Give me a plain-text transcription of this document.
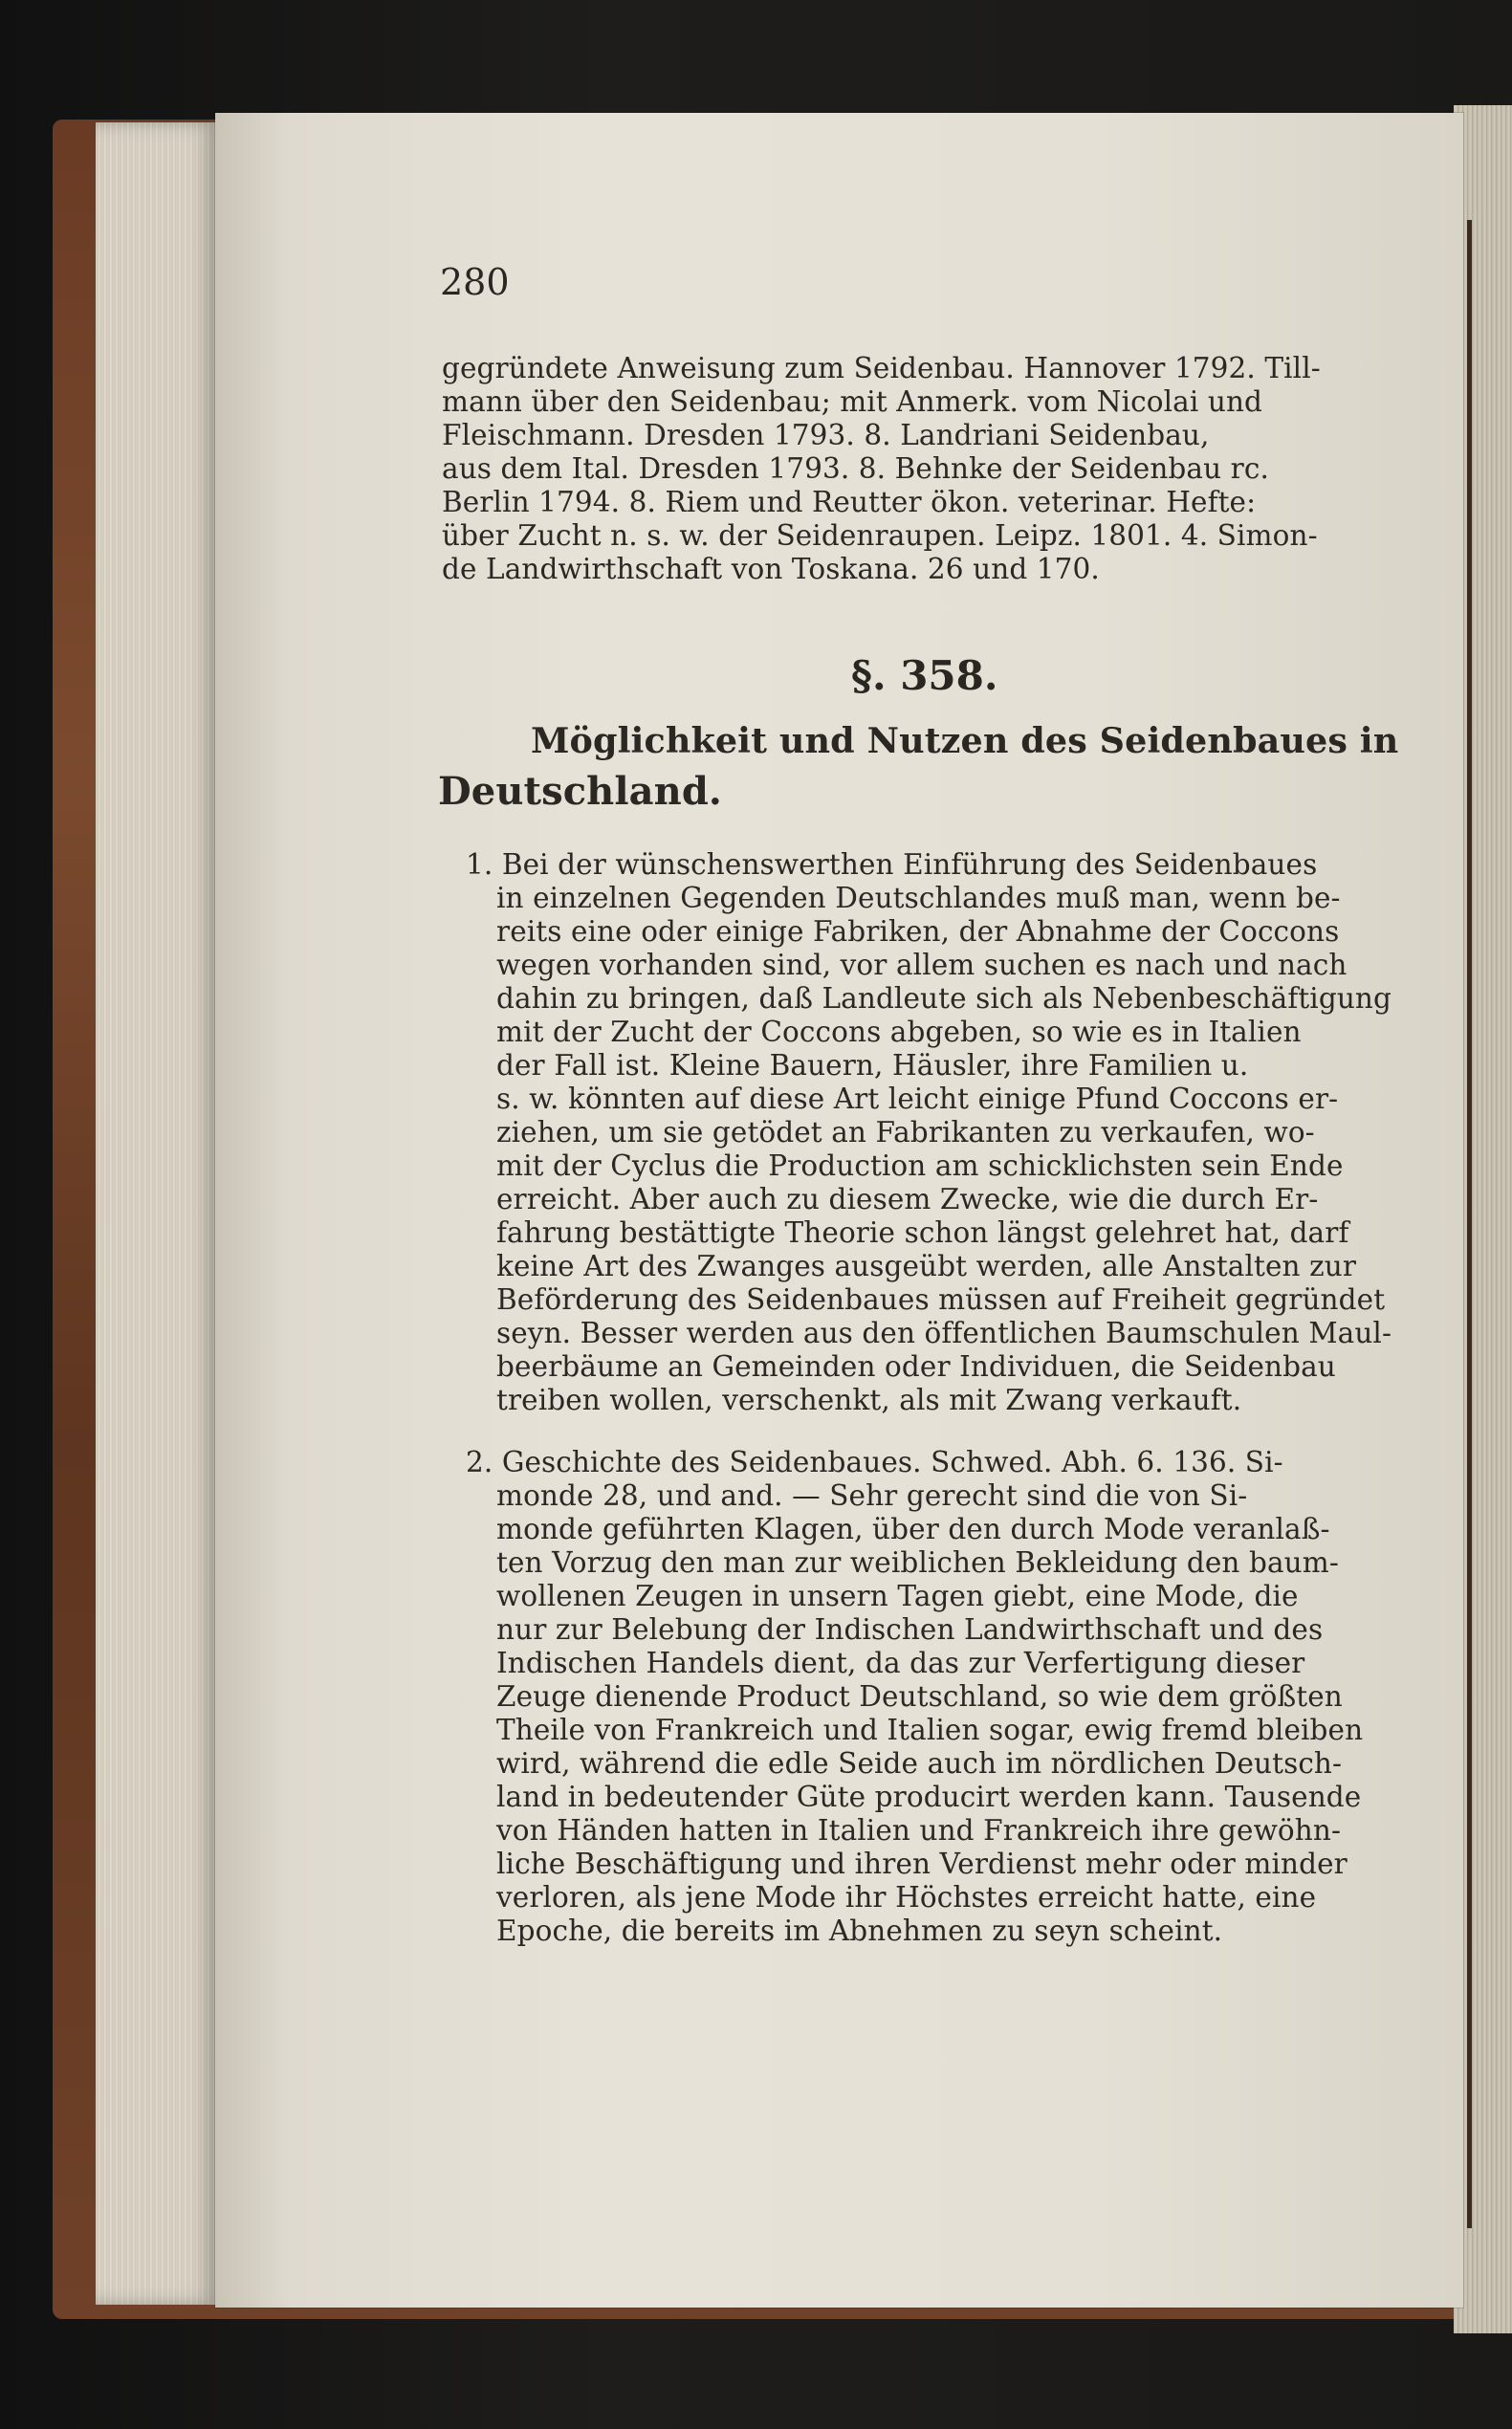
280

gegründete Anweisung zum Seidenbau. Hannover 1792. Till-

mann über den Seidenbau; mit Anmerk. vom Nicolai und

Fleischmann. Dresden 1793. 8. Landriani Seidenbau,

aus dem Ital. Dresden 1793. 8. Behnke der Seidenbau rc.

Berlin 1794. 8. Riem und Reutter ökon. veterinar. Hefte:

über Zucht n. s. w. der Seidenraupen. Leipz. 1801. 4. Simon-

de Landwirthschaft von Toskana. 26 und 170.

§. 358.

Möglichkeit und Nutzen des Seidenbaues in

Deutschland.

1. Bei der wünschenswerthen Einführung des Seidenbaues

in einzelnen Gegenden Deutschlandes muß man, wenn be-

reits eine oder einige Fabriken, der Abnahme der Coccons

wegen vorhanden sind, vor allem suchen es nach und nach

dahin zu bringen, daß Landleute sich als Nebenbeschäftigung

mit der Zucht der Coccons abgeben, so wie es in Italien

der Fall ist. Kleine Bauern, Häusler, ihre Familien u.

s. w. könnten auf diese Art leicht einige Pfund Coccons er-

ziehen, um sie getödet an Fabrikanten zu verkaufen, wo-

mit der Cyclus die Production am schicklichsten sein Ende

erreicht. Aber auch zu diesem Zwecke, wie die durch Er-

fahrung bestättigte Theorie schon längst gelehret hat, darf

keine Art des Zwanges ausgeübt werden, alle Anstalten zur

Beförderung des Seidenbaues müssen auf Freiheit gegründet

seyn. Besser werden aus den öffentlichen Baumschulen Maul-

beerbäume an Gemeinden oder Individuen, die Seidenbau

treiben wollen, verschenkt, als mit Zwang verkauft.

2. Geschichte des Seidenbaues. Schwed. Abh. 6. 136. Si-

monde 28, und and. — Sehr gerecht sind die von Si-

monde geführten Klagen, über den durch Mode veranlaß-

ten Vorzug den man zur weiblichen Bekleidung den baum-

wollenen Zeugen in unsern Tagen giebt, eine Mode, die

nur zur Belebung der Indischen Landwirthschaft und des

Indischen Handels dient, da das zur Verfertigung dieser

Zeuge dienende Product Deutschland, so wie dem größten

Theile von Frankreich und Italien sogar, ewig fremd bleiben

wird, während die edle Seide auch im nördlichen Deutsch-

land in bedeutender Güte producirt werden kann. Tausende

von Händen hatten in Italien und Frankreich ihre gewöhn-

liche Beschäftigung und ihren Verdienst mehr oder minder

verloren, als jene Mode ihr Höchstes erreicht hatte, eine

Epoche, die bereits im Abnehmen zu seyn scheint.
